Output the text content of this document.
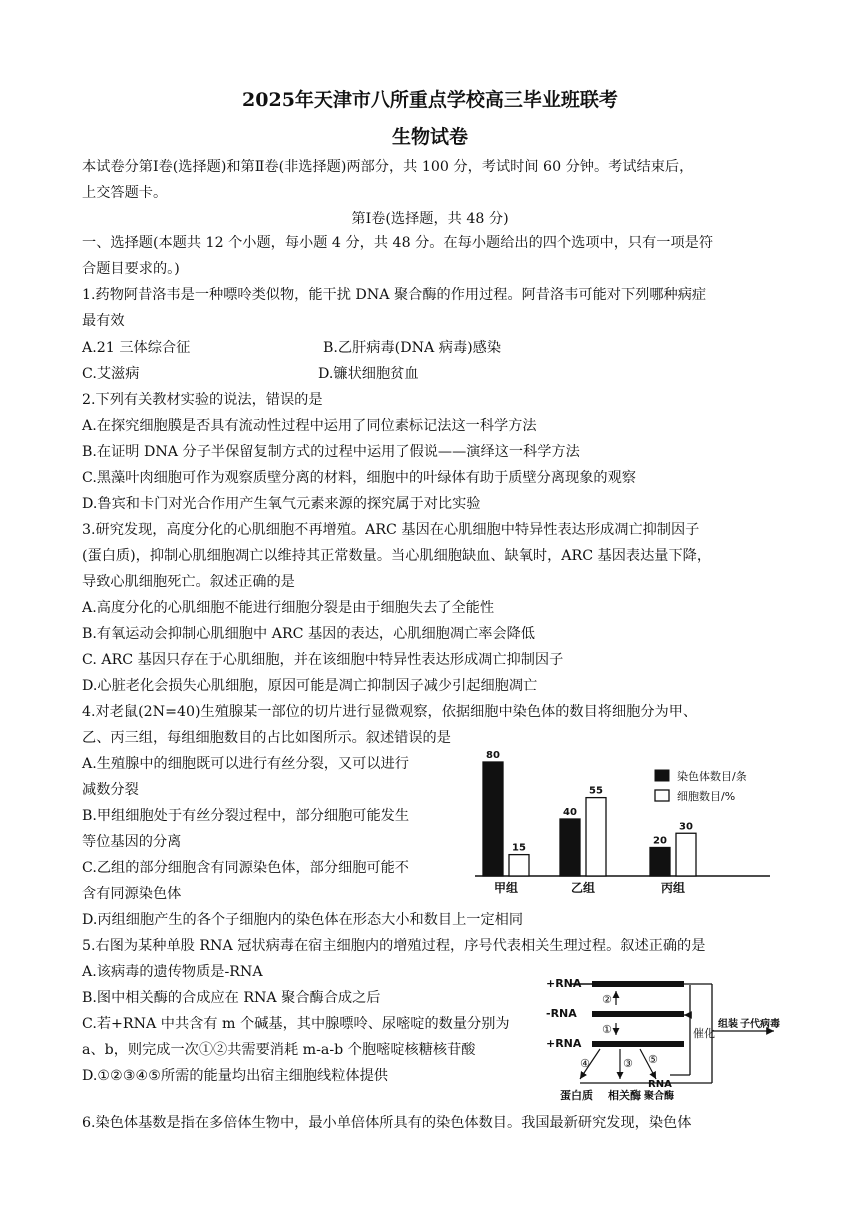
2025年天津市八所重点学校高三毕业班联考
生物试卷
本试卷分第Ⅰ卷(选择题)和第Ⅱ卷(非选择题)两部分，共 100 分，考试时间 60 分钟。考试结束后，
上交答题卡。
第Ⅰ卷(选择题，共 48 分)
一、选择题(本题共 12 个小题，每小题 4 分，共 48 分。在每小题给出的四个选项中，只有一项是符
合题目要求的。)
1.药物阿昔洛韦是一种嘌呤类似物，能干扰 DNA 聚合酶的作用过程。阿昔洛韦可能对下列哪种病症
最有效
A.21 三体综合征	B.乙肝病毒(DNA 病毒)感染
C.艾滋病	D.镰状细胞贫血
2.下列有关教材实验的说法，错误的是
A.在探究细胞膜是否具有流动性过程中运用了同位素标记法这一科学方法
B.在证明 DNA 分子半保留复制方式的过程中运用了假说——演绎这一科学方法
C.黑藻叶肉细胞可作为观察质壁分离的材料，细胞中的叶绿体有助于质壁分离现象的观察
D.鲁宾和卡门对光合作用产生氧气元素来源的探究属于对比实验
3.研究发现，高度分化的心肌细胞不再增殖。ARC 基因在心肌细胞中特异性表达形成凋亡抑制因子
(蛋白质)，抑制心肌细胞凋亡以维持其正常数量。当心肌细胞缺血、缺氧时，ARC 基因表达量下降，
导致心肌细胞死亡。叙述正确的是
A.高度分化的心肌细胞不能进行细胞分裂是由于细胞失去了全能性
B.有氧运动会抑制心肌细胞中 ARC 基因的表达，心肌细胞凋亡率会降低
C. ARC 基因只存在于心肌细胞，并在该细胞中特异性表达形成凋亡抑制因子
D.心脏老化会损失心肌细胞，原因可能是凋亡抑制因子减少引起细胞凋亡
4.对老鼠(2N=40)生殖腺某一部位的切片进行显微观察，依据细胞中染色体的数目将细胞分为甲、
乙、丙三组，每组细胞数目的占比如图所示。叙述错误的是
A.生殖腺中的细胞既可以进行有丝分裂，又可以进行
减数分裂
B.甲组细胞处于有丝分裂过程中，部分细胞可能发生
等位基因的分离
C.乙组的部分细胞含有同源染色体，部分细胞可能不
含有同源染色体
D.丙组细胞产生的各个子细胞内的染色体在形态大小和数目上一定相同
80
15
甲组
40
55
乙组
20
30
丙组
染色体数目/条
细胞数目/%
5.右图为某种单股 RNA 冠状病毒在宿主细胞内的增殖过程，序号代表相关生理过程。叙述正确的是
A.该病毒的遗传物质是-RNA
B.图中相关酶的合成应在 RNA 聚合酶合成之后
C.若+RNA 中共含有 m 个碱基，其中腺嘌呤、尿嘧啶的数量分别为
a、b，则完成一次①②共需要消耗 m-a-b 个胞嘧啶核糖核苷酸
D.①②③④⑤所需的能量均出宿主细胞线粒体提供
+RNA
-RNA
+RNA
②
①
④	③ ⑤
催化
组装 子代病毒
蛋白质 相关酶
RNA
聚合酶
6.染色体基数是指在多倍体生物中，最小单倍体所具有的染色体数目。我国最新研究发现，染色体
